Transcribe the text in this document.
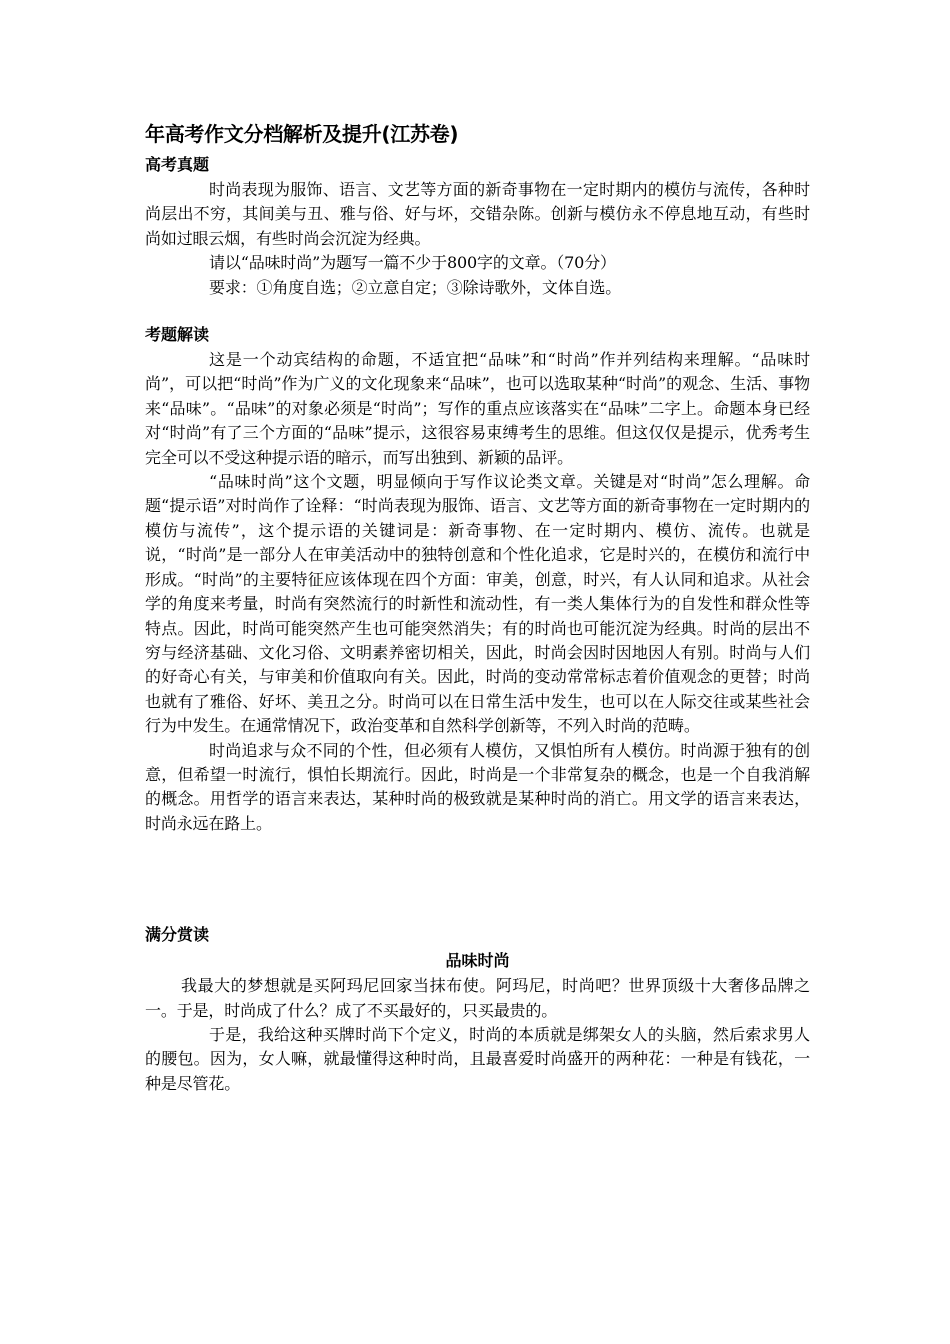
年高考作文分档解析及提升(江苏卷)
高考真题

时尚表现为服饰、语言、文艺等方面的新奇事物在一定时期内的模仿与流传，各种时尚层出不穷，其间美与丑、雅与俗、好与坏，交错杂陈。创新与模仿永不停息地互动，有些时尚如过眼云烟，有些时尚会沉淀为经典。

请以“品味时尚”为题写一篇不少于800字的文章。（70分）

要求：①角度自选；②立意自定；③除诗歌外，文体自选。

考题解读

这是一个动宾结构的命题，不适宜把“品味”和“时尚”作并列结构来理解。“品味时尚”，可以把“时尚”作为广义的文化现象来“品味”，也可以选取某种“时尚”的观念、生活、事物来“品味”。“品味”的对象必须是“时尚”；写作的重点应该落实在“品味”二字上。命题本身已经对“时尚”有了三个方面的“品味”提示，这很容易束缚考生的思维。但这仅仅是提示，优秀考生完全可以不受这种提示语的暗示，而写出独到、新颖的品评。

“品味时尚”这个文题，明显倾向于写作议论类文章。关键是对“时尚”怎么理解。命题“提示语”对时尚作了诠释：“时尚表现为服饰、语言、文艺等方面的新奇事物在一定时期内的模仿与流传”，这个提示语的关键词是：新奇事物、在一定时期内、模仿、流传。也就是说，“时尚”是一部分人在审美活动中的独特创意和个性化追求，它是时兴的，在模仿和流行中形成。“时尚”的主要特征应该体现在四个方面：审美，创意，时兴，有人认同和追求。从社会学的角度来考量，时尚有突然流行的时新性和流动性，有一类人集体行为的自发性和群众性等特点。因此，时尚可能突然产生也可能突然消失；有的时尚也可能沉淀为经典。时尚的层出不穷与经济基础、文化习俗、文明素养密切相关，因此，时尚会因时因地因人有别。时尚与人们的好奇心有关，与审美和价值取向有关。因此，时尚的变动常常标志着价值观念的更替；时尚也就有了雅俗、好坏、美丑之分。时尚可以在日常生活中发生，也可以在人际交往或某些社会行为中发生。在通常情况下，政治变革和自然科学创新等，不列入时尚的范畴。

时尚追求与众不同的个性，但必须有人模仿，又惧怕所有人模仿。时尚源于独有的创意，但希望一时流行，惧怕长期流行。因此，时尚是一个非常复杂的概念，也是一个自我消解的概念。用哲学的语言来表达，某种时尚的极致就是某种时尚的消亡。用文学的语言来表达，时尚永远在路上。

满分赏读
品味时尚

我最大的梦想就是买阿玛尼回家当抹布使。阿玛尼，时尚吧？世界顶级十大奢侈品牌之一。于是，时尚成了什么？成了不买最好的，只买最贵的。

于是，我给这种买牌时尚下个定义，时尚的本质就是绑架女人的头脑，然后索求男人的腰包。因为，女人嘛，就最懂得这种时尚，且最喜爱时尚盛开的两种花：一种是有钱花，一种是尽管花。
